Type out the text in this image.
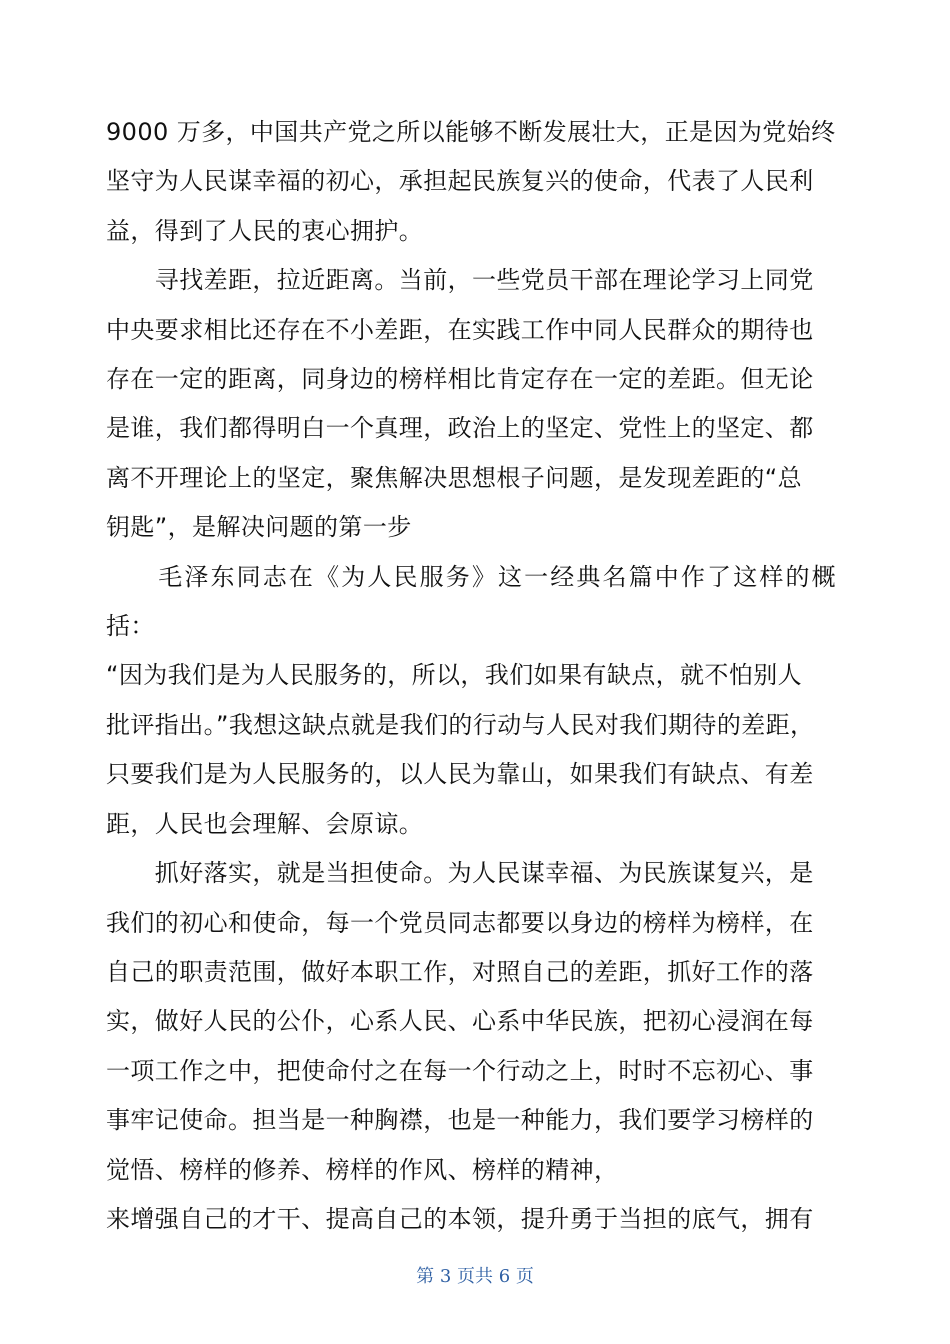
9000 万多，中国共产党之所以能够不断发展壮大，正是因为党始终
坚守为人民谋幸福的初心，承担起民族复兴的使命，代表了人民利
益，得到了人民的衷心拥护。

　　寻找差距，拉近距离。当前，一些党员干部在理论学习上同党
中央要求相比还存在不小差距，在实践工作中同人民群众的期待也
存在一定的距离，同身边的榜样相比肯定存在一定的差距。但无论
是谁，我们都得明白一个真理，政治上的坚定、党性上的坚定、都
离不开理论上的坚定，聚焦解决思想根子问题，是发现差距的“总
钥匙”，是解决问题的第一步

　　毛泽东同志在《为人民服务》这一经典名篇中作了这样的概括：
“因为我们是为人民服务的，所以，我们如果有缺点，就不怕别人
批评指出。”我想这缺点就是我们的行动与人民对我们期待的差距，
只要我们是为人民服务的，以人民为靠山，如果我们有缺点、有差
距，人民也会理解、会原谅。

　　抓好落实，就是当担使命。为人民谋幸福、为民族谋复兴，是
我们的初心和使命，每一个党员同志都要以身边的榜样为榜样，在
自己的职责范围，做好本职工作，对照自己的差距，抓好工作的落
实，做好人民的公仆，心系人民、心系中华民族，把初心浸润在每
一项工作之中，把使命付之在每一个行动之上，时时不忘初心、事
事牢记使命。担当是一种胸襟，也是一种能力，我们要学习榜样的
觉悟、榜样的修养、榜样的作风、榜样的精神，
来增强自己的才干、提高自己的本领，提升勇于当担的底气，拥有

第 3 页共 6 页
